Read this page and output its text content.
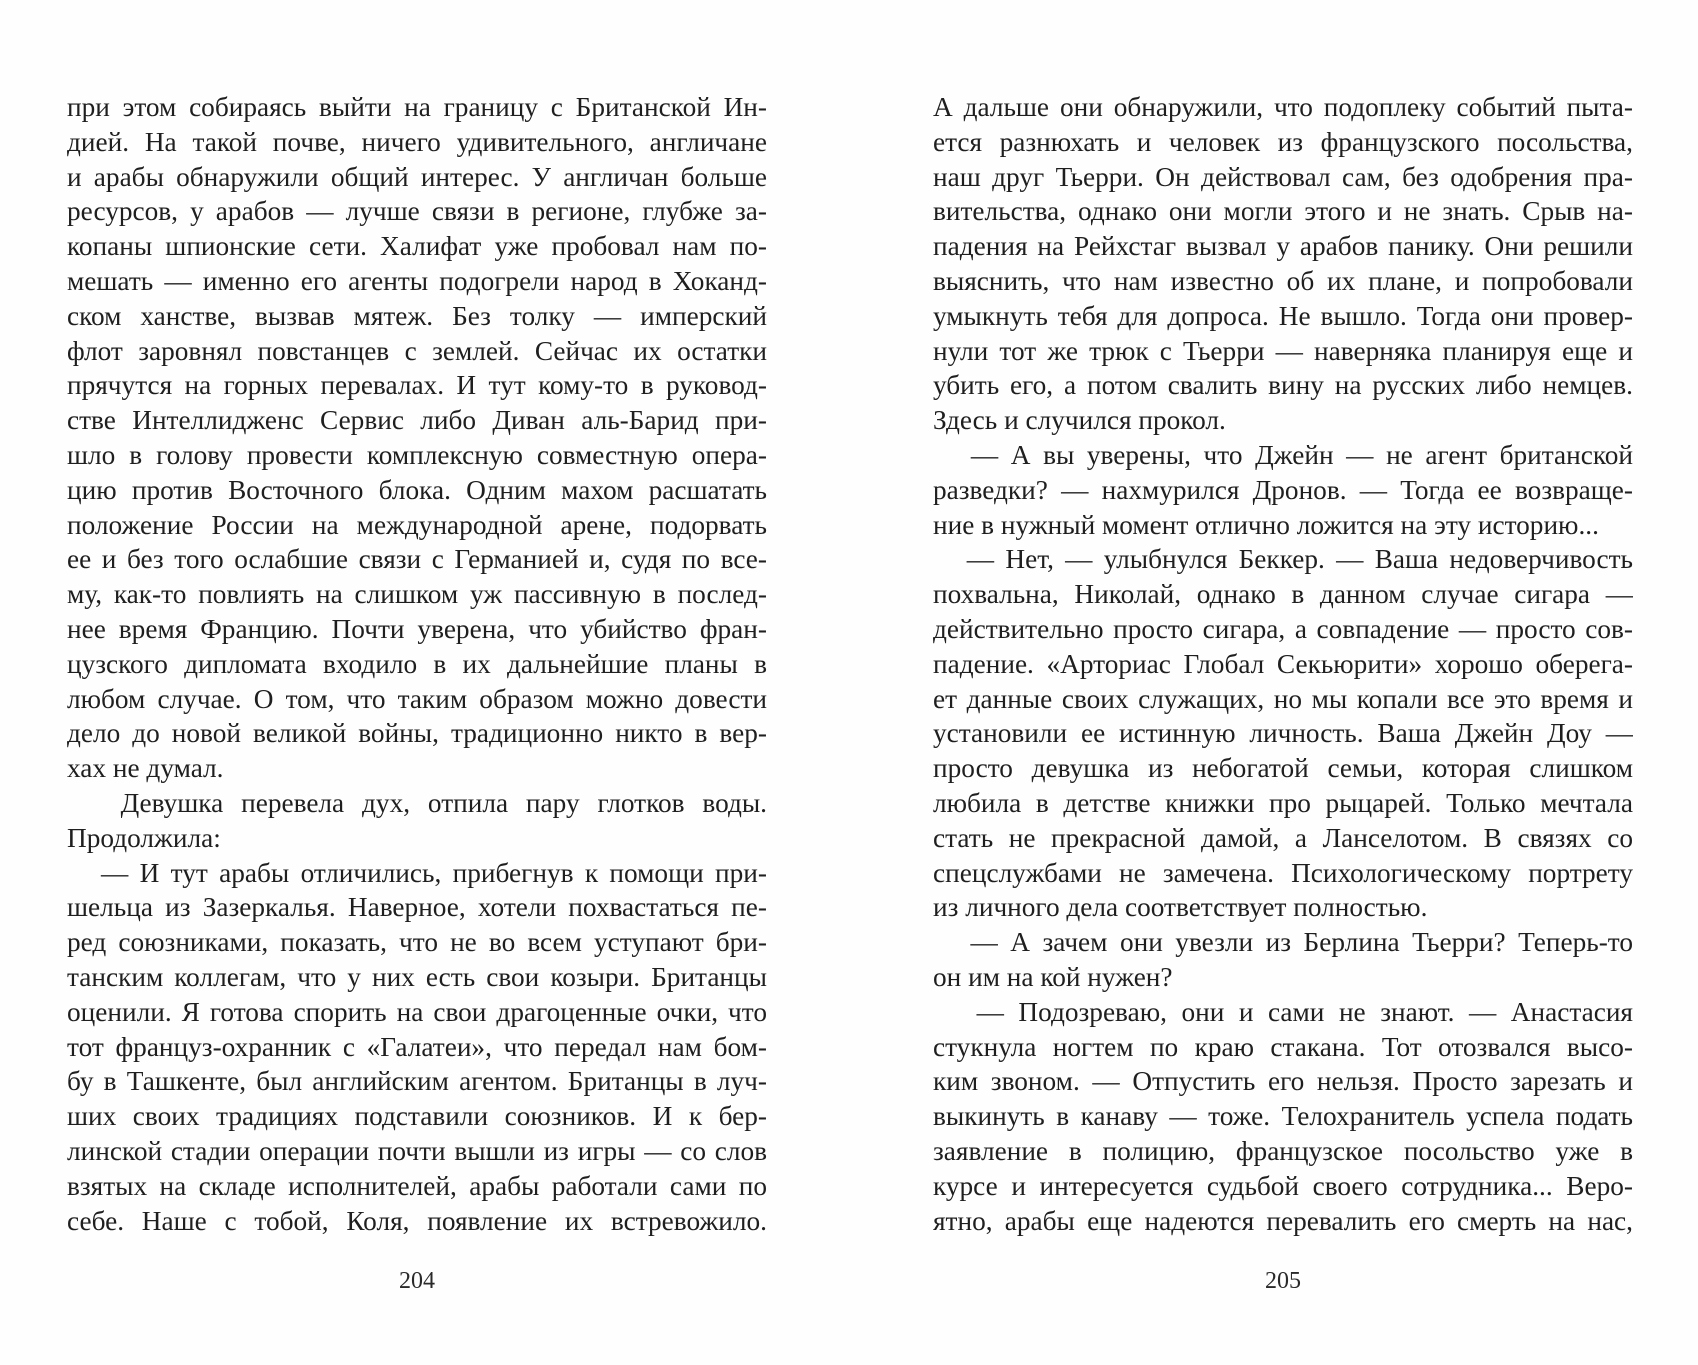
при этом собираясь выйти на границу с Британской Ин-
дией. На такой почве, ничего удивительного, англичане
и арабы обнаружили общий интерес. У англичан больше
ресурсов, у арабов — лучше связи в регионе, глубже за-
копаны шпионские сети. Халифат уже пробовал нам по-
мешать — именно его агенты подогрели народ в Хоканд-
ском ханстве, вызвав мятеж. Без толку — имперский
флот заровнял повстанцев с землей. Сейчас их остатки
прячутся на горных перевалах. И тут кому-то в руковод-
стве Интеллидженс Сервис либо Диван аль-Барид при-
шло в голову провести комплексную совместную опера-
цию против Восточного блока. Одним махом расшатать
положение России на международной арене, подорвать
ее и без того ослабшие связи с Германией и, судя по все-
му, как-то повлиять на слишком уж пассивную в послед-
нее время Францию. Почти уверена, что убийство фран-
цузского дипломата входило в их дальнейшие планы в
любом случае. О том, что таким образом можно довести
дело до новой великой войны, традиционно никто в вер-
хах не думал.
Девушка перевела дух, отпила пару глотков воды.
Продолжила:
— И тут арабы отличились, прибегнув к помощи при-
шельца из Зазеркалья. Наверное, хотели похвастаться пе-
ред союзниками, показать, что не во всем уступают бри-
танским коллегам, что у них есть свои козыри. Британцы
оценили. Я готова спорить на свои драгоценные очки, что
тот француз-охранник с «Галатеи», что передал нам бом-
бу в Ташкенте, был английским агентом. Британцы в луч-
ших своих традициях подставили союзников. И к бер-
линской стадии операции почти вышли из игры — со слов
взятых на складе исполнителей, арабы работали сами по
себе. Наше с тобой, Коля, появление их встревожило.
204
А дальше они обнаружили, что подоплеку событий пыта-
ется разнюхать и человек из французского посольства,
наш друг Тьерри. Он действовал сам, без одобрения пра-
вительства, однако они могли этого и не знать. Срыв на-
падения на Рейхстаг вызвал у арабов панику. Они решили
выяснить, что нам известно об их плане, и попробовали
умыкнуть тебя для допроса. Не вышло. Тогда они провер-
нули тот же трюк с Тьерри — наверняка планируя еще и
убить его, а потом свалить вину на русских либо немцев.
Здесь и случился прокол.
— А вы уверены, что Джейн — не агент британской
разведки? — нахмурился Дронов. — Тогда ее возвраще-
ние в нужный момент отлично ложится на эту историю...
— Нет, — улыбнулся Беккер. — Ваша недоверчивость
похвальна, Николай, однако в данном случае сигара —
действительно просто сигара, а совпадение — просто сов-
падение. «Арториас Глобал Секьюрити» хорошо оберега-
ет данные своих служащих, но мы копали все это время и
установили ее истинную личность. Ваша Джейн Доу —
просто девушка из небогатой семьи, которая слишком
любила в детстве книжки про рыцарей. Только мечтала
стать не прекрасной дамой, а Ланселотом. В связях со
спецслужбами не замечена. Психологическому портрету
из личного дела соответствует полностью.
— А зачем они увезли из Берлина Тьерри? Теперь-то
он им на кой нужен?
— Подозреваю, они и сами не знают. — Анастасия
стукнула ногтем по краю стакана. Тот отозвался высо-
ким звоном. — Отпустить его нельзя. Просто зарезать и
выкинуть в канаву — тоже. Телохранитель успела подать
заявление в полицию, французское посольство уже в
курсе и интересуется судьбой своего сотрудника... Веро-
ятно, арабы еще надеются перевалить его смерть на нас,
205
